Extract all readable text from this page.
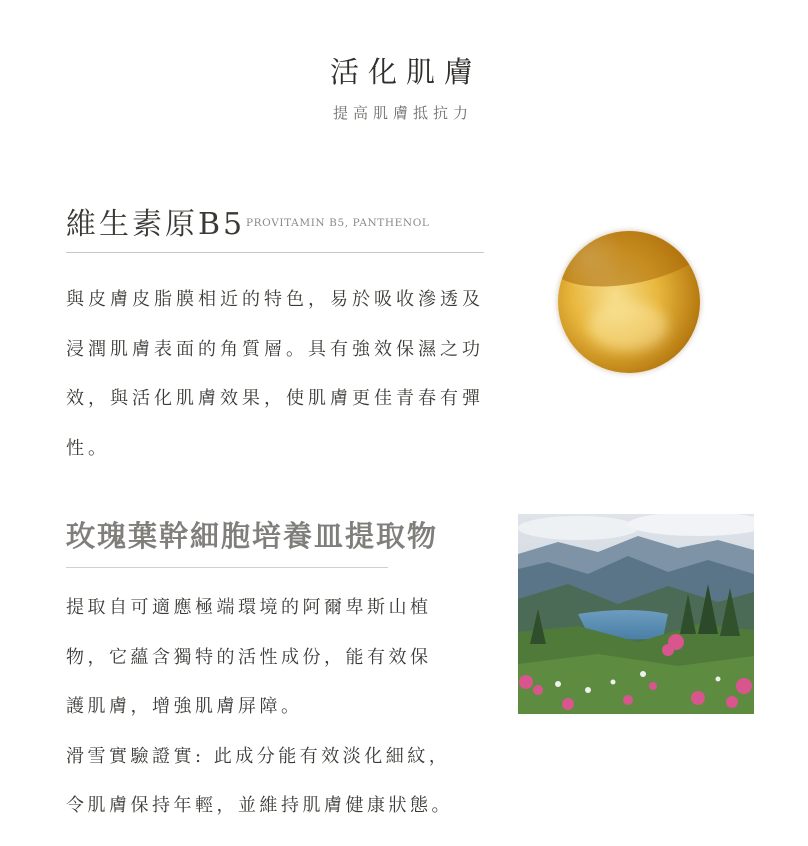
活化肌膚
提高肌膚抵抗力
維生素原B5 PROVITAMIN B5, PANTHENOL
與皮膚皮脂膜相近的特色，易於吸收滲透及浸潤肌膚表面的角質層。具有強效保濕之功效，與活化肌膚效果，使肌膚更佳青春有彈性。
玫瑰葉幹細胞培養皿提取物

提取自可適應極端環境的阿爾卑斯山植物，它蘊含獨特的活性成份，能有效保護肌膚，增強肌膚屏障。

滑雪實驗證實: 此成分能有效淡化細紋，令肌膚保持年輕，並維持肌膚健康狀態。
